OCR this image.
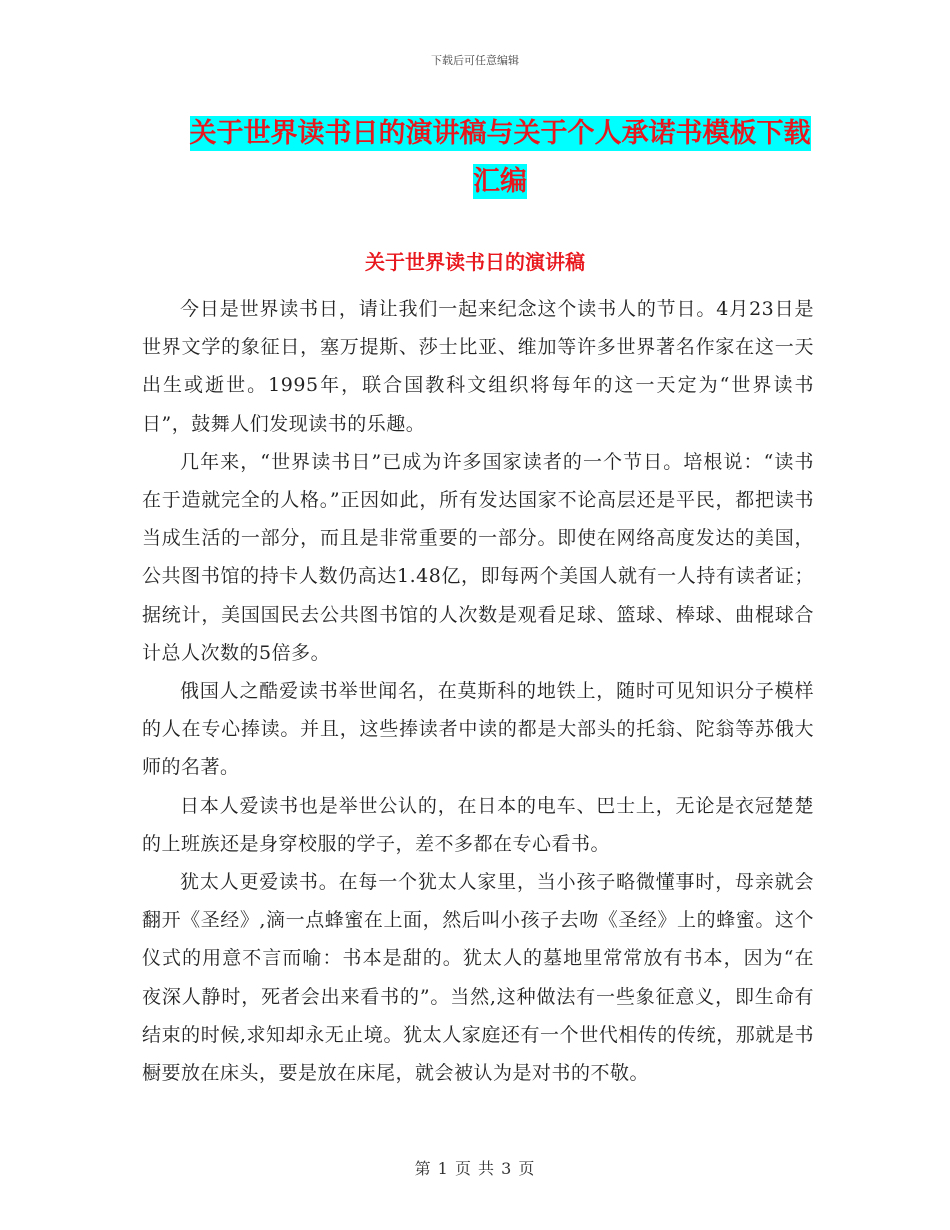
下载后可任意编辑
关于世界读书日的演讲稿与关于个人承诺书模板下载
汇编
关于世界读书日的演讲稿

今日是世界读书日，请让我们一起来纪念这个读书人的节日。4月23日是世界文学的象征日，塞万提斯、莎士比亚、维加等许多世界著名作家在这一天出生或逝世。1995年，联合国教科文组织将每年的这一天定为“世界读书日”，鼓舞人们发现读书的乐趣。

几年来，“世界读书日”已成为许多国家读者的一个节日。培根说：“读书在于造就完全的人格。”正因如此，所有发达国家不论高层还是平民，都把读书当成生活的一部分，而且是非常重要的一部分。即使在网络高度发达的美国，公共图书馆的持卡人数仍高达1.48亿，即每两个美国人就有一人持有读者证；据统计，美国国民去公共图书馆的人次数是观看足球、篮球、棒球、曲棍球合计总人次数的5倍多。

俄国人之酷爱读书举世闻名，在莫斯科的地铁上，随时可见知识分子模样的人在专心捧读。并且，这些捧读者中读的都是大部头的托翁、陀翁等苏俄大师的名著。

日本人爱读书也是举世公认的，在日本的电车、巴士上，无论是衣冠楚楚的上班族还是身穿校服的学子，差不多都在专心看书。

犹太人更爱读书。在每一个犹太人家里，当小孩子略微懂事时，母亲就会翻开《圣经》,滴一点蜂蜜在上面，然后叫小孩子去吻《圣经》上的蜂蜜。这个仪式的用意不言而喻：书本是甜的。犹太人的墓地里常常放有书本，因为“在夜深人静时，死者会出来看书的”。当然,这种做法有一些象征意义，即生命有结束的时候,求知却永无止境。犹太人家庭还有一个世代相传的传统，那就是书橱要放在床头，要是放在床尾，就会被认为是对书的不敬。

第 1 页 共 3 页
